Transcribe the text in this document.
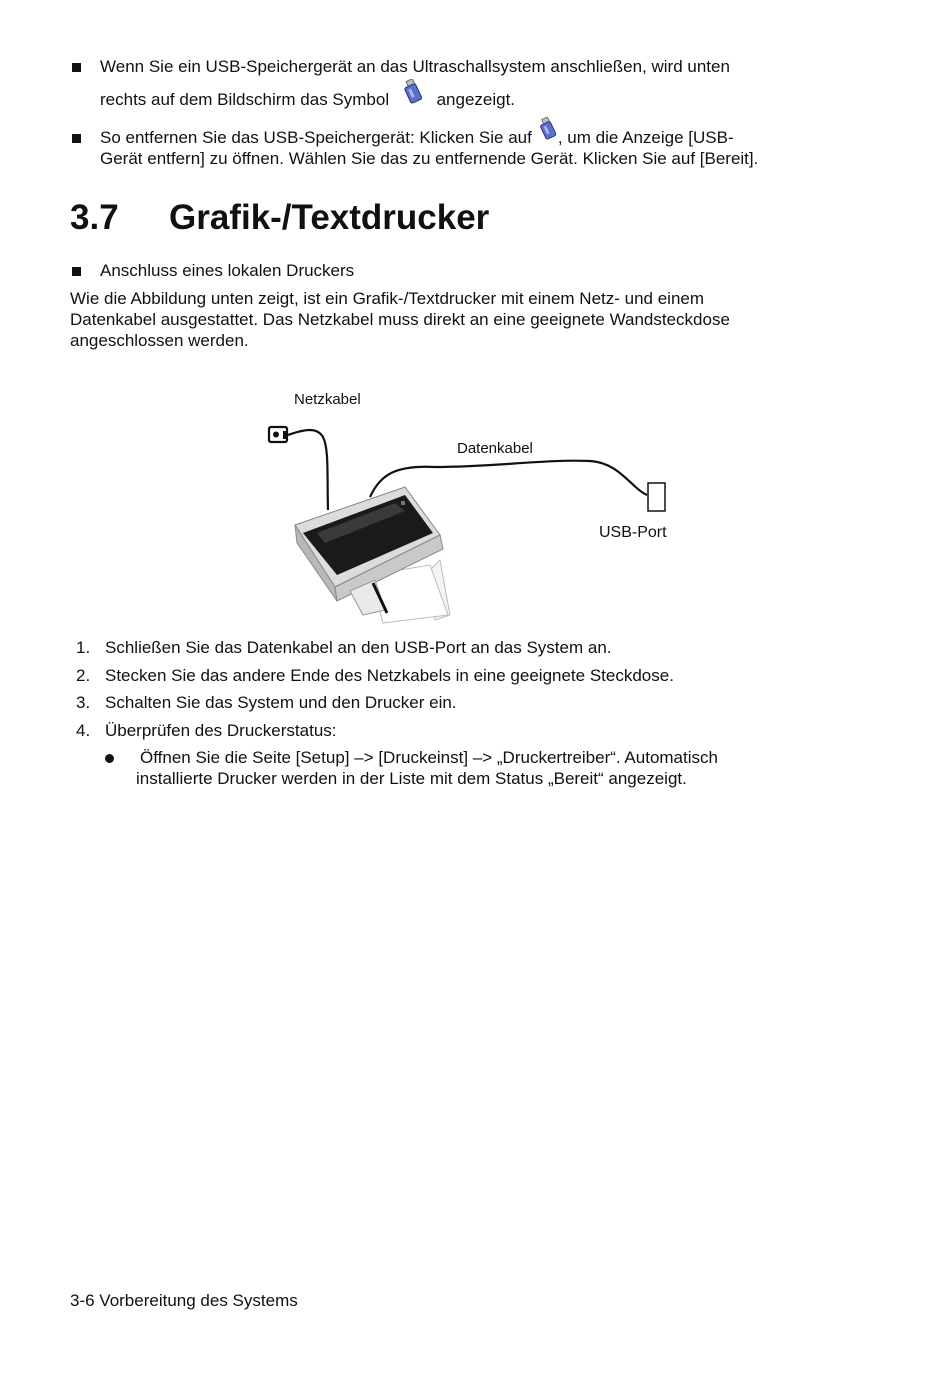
Wenn Sie ein USB-Speichergerät an das Ultraschallsystem anschließen, wird unten
rechts auf dem Bildschirm das Symbol	angezeigt.
So entfernen Sie das USB-Speichergerät: Klicken Sie auf , um die Anzeige [USB-
Gerät entfern] zu öffnen. Wählen Sie das zu entfernende Gerät. Klicken Sie auf [Bereit].
3.7 Grafik-/Textdrucker
Anschluss eines lokalen Druckers
Wie die Abbildung unten zeigt, ist ein Grafik-/Textdrucker mit einem Netz- und einem
Datenkabel ausgestattet. Das Netzkabel muss direkt an eine geeignete Wandsteckdose
angeschlossen werden.
Netzkabel
Datenkabel
USB-Port
1. Schließen Sie das Datenkabel an den USB-Port an das System an.
2. Stecken Sie das andere Ende des Netzkabels in eine geeignete Steckdose.
3. Schalten Sie das System und den Drucker ein.
4. Überprüfen des Druckerstatus:
Öffnen Sie die Seite [Setup] –> [Druckeinst] –> „Druckertreiber“. Automatisch
installierte Drucker werden in der Liste mit dem Status „Bereit“ angezeigt.
3-6 Vorbereitung des Systems
